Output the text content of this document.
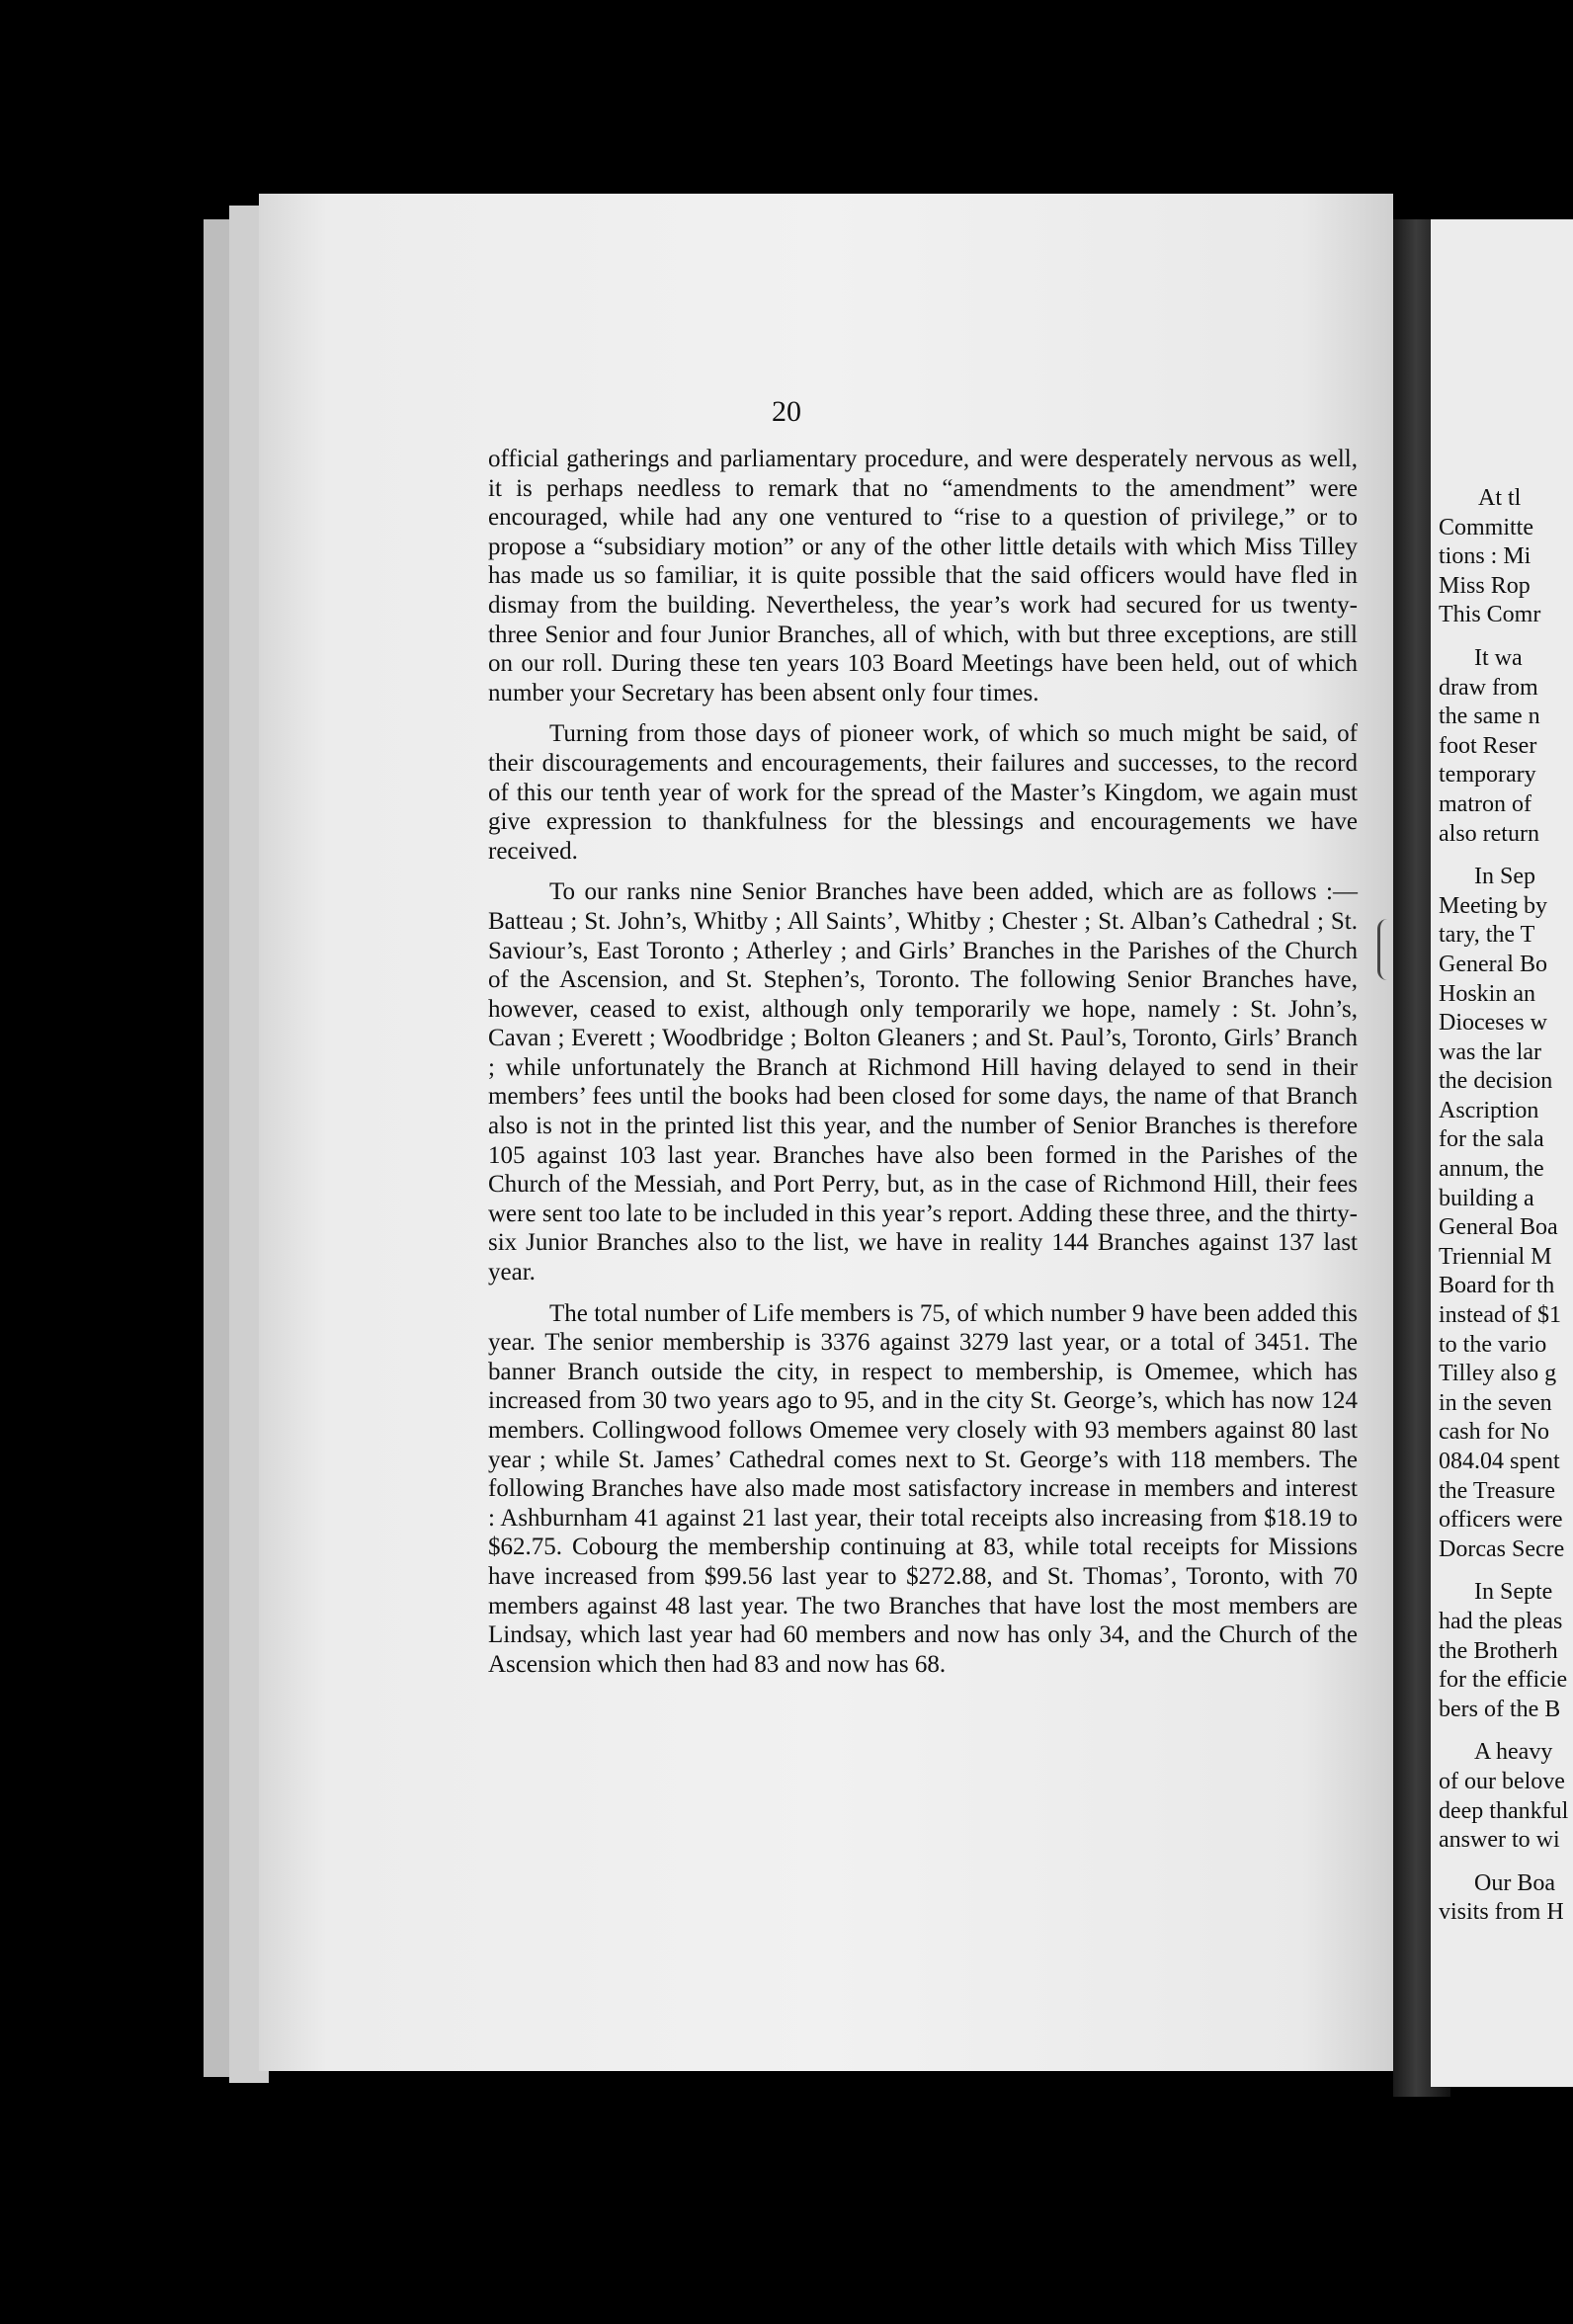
20

official gatherings and parliamentary procedure, and were desperately nervous as well, it is perhaps needless to remark that no “amendments to the amendment” were encouraged, while had any one ventured to “rise to a question of privilege,” or to propose a “subsidiary motion” or any of the other little details with which Miss Tilley has made us so familiar, it is quite possible that the said officers would have fled in dismay from the building. Nevertheless, the year’s work had secured for us twenty-three Senior and four Junior Branches, all of which, with but three exceptions, are still on our roll. During these ten years 103 Board Meetings have been held, out of which number your Secretary has been absent only four times.

Turning from those days of pioneer work, of which so much might be said, of their discouragements and encouragements, their failures and successes, to the record of this our tenth year of work for the spread of the Master’s Kingdom, we again must give expression to thankfulness for the blessings and encouragements we have received.

To our ranks nine Senior Branches have been added, which are as follows :—Batteau ; St. John’s, Whitby ; All Saints’, Whitby ; Chester ; St. Alban’s Cathedral ; St. Saviour’s, East Toronto ; Atherley ; and Girls’ Branches in the Parishes of the Church of the Ascension, and St. Stephen’s, Toronto. The following Senior Branches have, however, ceased to exist, although only temporarily we hope, namely : St. John’s, Cavan ; Everett ; Woodbridge ; Bolton Gleaners ; and St. Paul’s, Toronto, Girls’ Branch ; while unfortunately the Branch at Richmond Hill having delayed to send in their members’ fees until the books had been closed for some days, the name of that Branch also is not in the printed list this year, and the number of Senior Branches is therefore 105 against 103 last year. Branches have also been formed in the Parishes of the Church of the Messiah, and Port Perry, but, as in the case of Richmond Hill, their fees were sent too late to be included in this year’s report. Adding these three, and the thirty-six Junior Branches also to the list, we have in reality 144 Branches against 137 last year.

The total number of Life members is 75, of which number 9 have been added this year. The senior membership is 3376 against 3279 last year, or a total of 3451. The banner Branch outside the city, in respect to membership, is Omemee, which has increased from 30 two years ago to 95, and in the city St. George’s, which has now 124 members. Collingwood follows Omemee very closely with 93 members against 80 last year ; while St. James’ Cathedral comes next to St. George’s with 118 members. The following Branches have also made most satisfactory increase in members and interest : Ashburnham 41 against 21 last year, their total receipts also increasing from $18.19 to $62.75. Cobourg the membership continuing at 83, while total receipts for Missions have increased from $99.56 last year to $272.88, and St. Thomas’, Toronto, with 70 members against 48 last year. The two Branches that have lost the most members are Lindsay, which last year had 60 members and now has only 34, and the Church of the Ascension which then had 83 and now has 68.

At tl
Committe
tions : Mi
Miss Rop
This Comr
It wa
draw from
the same n
foot Reser
temporary
matron of
also return
In Sep
Meeting by
tary, the T
General Bo
Hoskin an
Dioceses w
was the lar
the decision
Ascription
for the sala
annum, the
building a
General Boa
Triennial M
Board for th
instead of $1
to the vario
Tilley also g
in the seven
cash for No
084.04 spent
the Treasure
officers were
Dorcas Secre
In Septe
had the pleas
the Brotherh
for the efficie
bers of the B
A heavy
of our belove
deep thankful
answer to wi
Our Boa
visits from H
